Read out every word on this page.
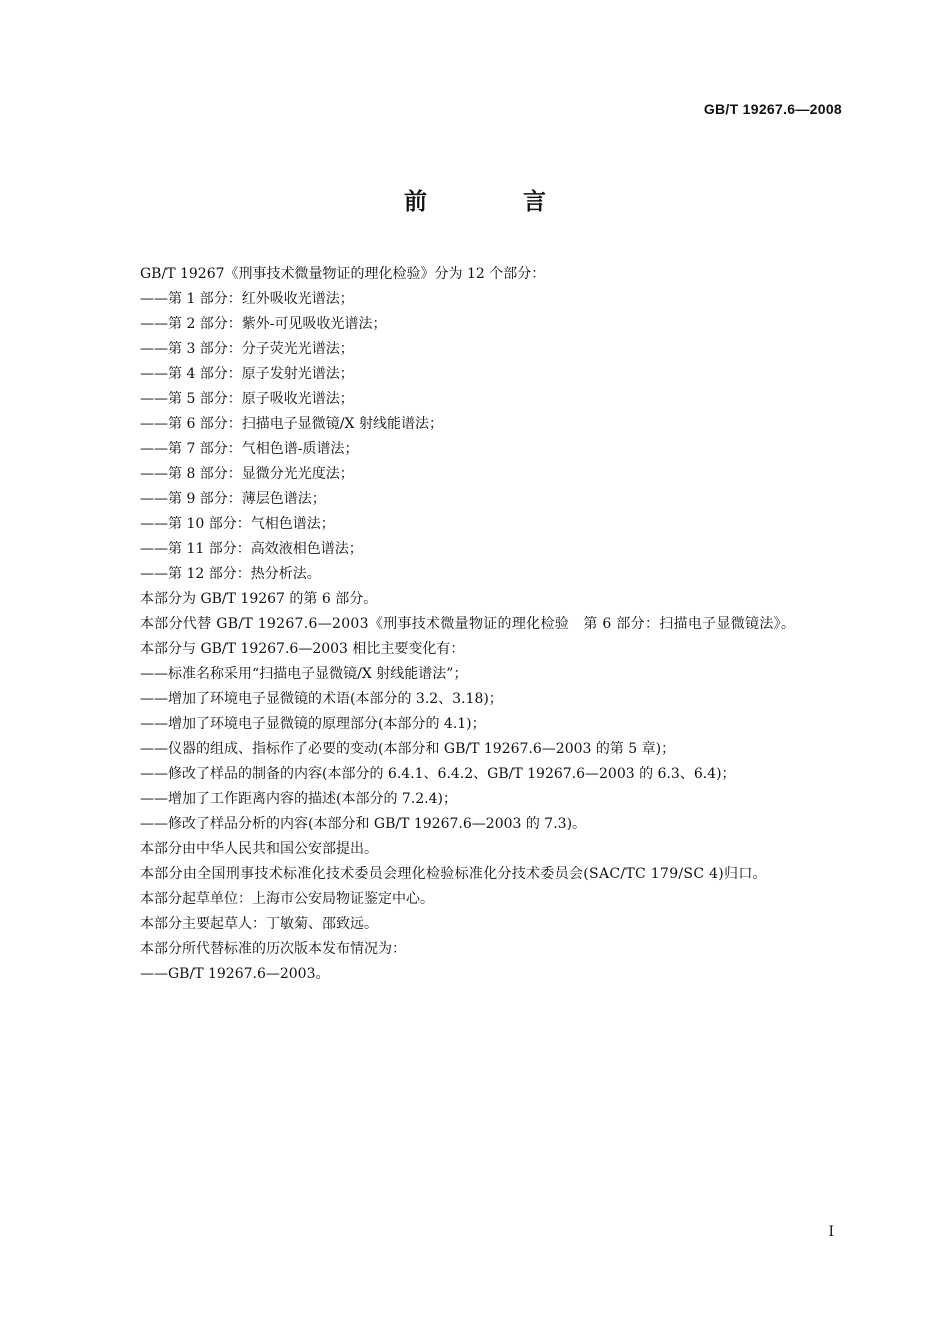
GB/T 19267.6—2008
前 言
GB/T 19267《刑事技术微量物证的理化检验》分为 12 个部分：
——第 1 部分：红外吸收光谱法；
——第 2 部分：紫外-可见吸收光谱法；
——第 3 部分：分子荧光光谱法；
——第 4 部分：原子发射光谱法；
——第 5 部分：原子吸收光谱法；
——第 6 部分：扫描电子显微镜/X 射线能谱法；
——第 7 部分：气相色谱-质谱法；
——第 8 部分：显微分光光度法；
——第 9 部分：薄层色谱法；
——第 10 部分：气相色谱法；
——第 11 部分：高效液相色谱法；
——第 12 部分：热分析法。
本部分为 GB/T 19267 的第 6 部分。
本部分代替 GB/T 19267.6—2003《刑事技术微量物证的理化检验　第 6 部分：扫描电子显微镜法》。
本部分与 GB/T 19267.6—2003 相比主要变化有：
——标准名称采用“扫描电子显微镜/X 射线能谱法”；
——增加了环境电子显微镜的术语(本部分的 3.2、3.18)；
——增加了环境电子显微镜的原理部分(本部分的 4.1)；
——仪器的组成、指标作了必要的变动(本部分和 GB/T 19267.6—2003 的第 5 章)；
——修改了样品的制备的内容(本部分的 6.4.1、6.4.2、GB/T 19267.6—2003 的 6.3、6.4)；
——增加了工作距离内容的描述(本部分的 7.2.4)；
——修改了样品分析的内容(本部分和 GB/T 19267.6—2003 的 7.3)。
本部分由中华人民共和国公安部提出。
本部分由全国刑事技术标准化技术委员会理化检验标准化分技术委员会(SAC/TC 179/SC 4)归口。
本部分起草单位：上海市公安局物证鉴定中心。
本部分主要起草人：丁敏菊、邵致远。
本部分所代替标准的历次版本发布情况为：
——GB/T 19267.6—2003。
I
